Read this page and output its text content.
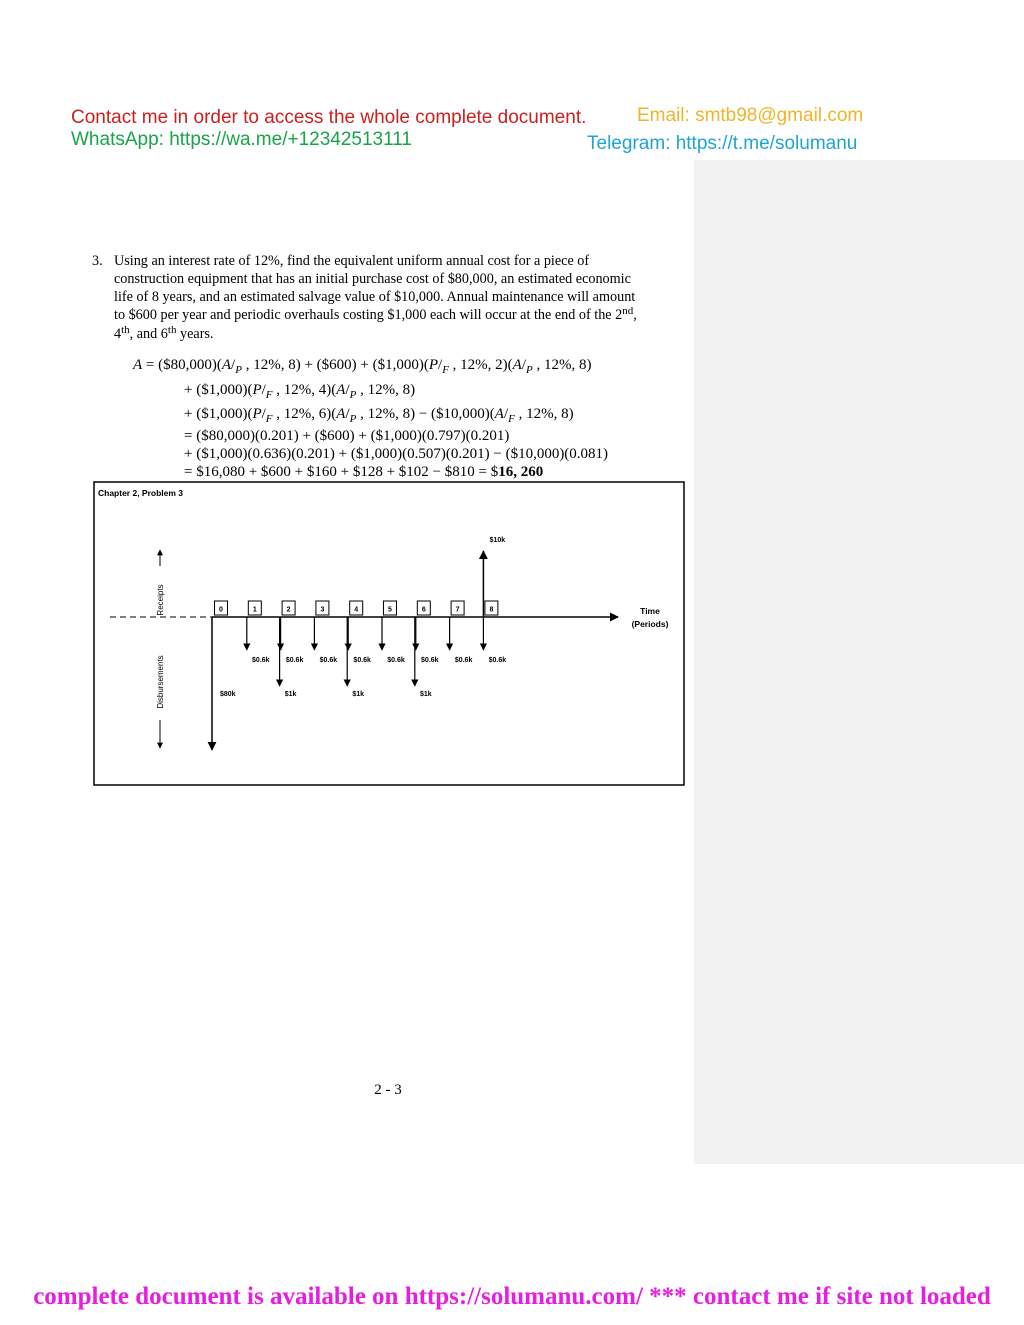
Contact me in order to access the whole complete document.
WhatsApp: https://wa.me/+12342513111
Email: smtb98@gmail.com
Telegram: https://t.me/solumanu
3. Using an interest rate of 12%, find the equivalent uniform annual cost for a piece of
construction equipment that has an initial purchase cost of $80,000, an estimated economic
life of 8 years, and an estimated salvage value of $10,000. Annual maintenance will amount
to $600 per year and periodic overhauls costing $1,000 each will occur at the end of the 2nd,
4th, and 6th years.
$A = (\$80,000)(A/_P$ , 12%, 8) + ($600) + $(\$1,000)(P/_F$ , 12%, $2)(A/_P$ , 12%, 8)
+ $(\$1,000)(P/_F$ , 12%, $4)(A/_P$ , 12%, 8)
+ $(\$1,000)(P/_F$ , 12%, $6)(A/_P$ , 12%, $8) - (\$10,000)(A/_F$ , 12%, 8)
= ($80,000)(0.201) + ($600) + ($1,000)(0.797)(0.201)
+ ($1,000)(0.636)(0.201) + ($1,000)(0.507)(0.201) − ($10,000)(0.081)
= $16,080 + $600 + $160 + $128 + $102 − $810 = $16, 260
Chapter 2, Problem 3
Receipts
Disbursements
Time
(Periods)
0	1	2	3	4	5	6	7	8
$80k
$0.6k $0.6k $0.6k $0.6k $0.6k $0.6k $0.6k $0.6k
$1k	$1k	$1k
$10k
2 - 3
complete document is available on https://solumanu.com/ *** contact me if site not loaded
